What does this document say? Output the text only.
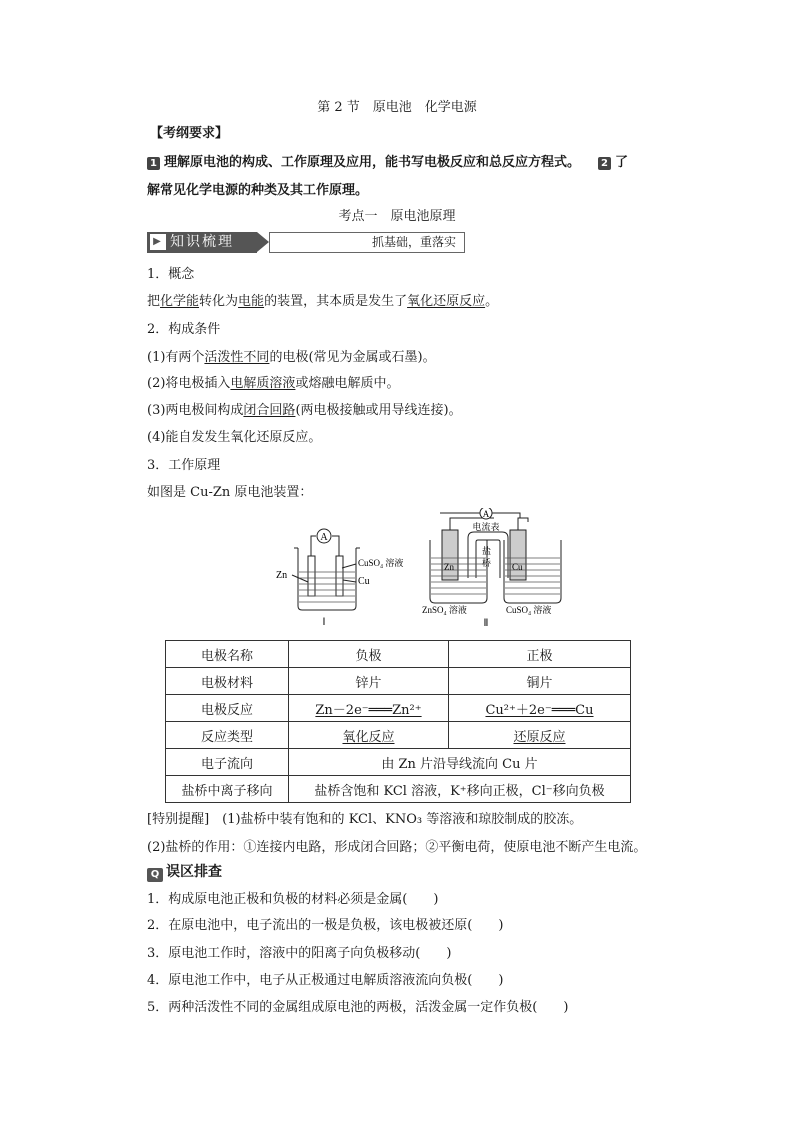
第 2 节　原电池　化学电源
【考纲要求】
1 理解原电池的构成、工作原理及应用，能书写电极反应和总反应方程式。 2 了
解常见化学电源的种类及其工作原理。
考点一　原电池原理
▶ 知识梳理	抓基础，重落实
1．概念
把化学能转化为电能的装置，其本质是发生了氧化还原反应。
2．构成条件
(1)有两个活泼性不同的电极(常见为金属或石墨)。
(2)将电极插入电解质溶液或熔融电解质中。
(3)两电极间构成闭合回路(两电极接触或用导线连接)。
(4)能自发发生氧化还原反应。
3．工作原理
如图是 Cu-Zn 原电池装置：
A
Zn
CuSO₄ 溶液
Cu
Ⅰ
A
电流表
盐
桥
Zn	Cu
ZnSO₄ 溶液	CuSO₄ 溶液
Ⅱ
电极名称	负极	正极
电极材料	锌片	铜片
电极反应	Zn－2e⁻═══Zn²⁺	Cu²⁺＋2e⁻═══Cu
反应类型	氧化反应	还原反应
电子流向	由 Zn 片沿导线流向 Cu 片	
盐桥中离子移向	盐桥含饱和 KCl 溶液，K⁺移向正极，Cl⁻移向负极	
[特别提醒]　(1)盐桥中装有饱和的 KCl、KNO₃ 等溶液和琼胶制成的胶冻。
(2)盐桥的作用：①连接内电路，形成闭合回路；②平衡电荷，使原电池不断产生电流。
Q 误区排查
1．构成原电池正极和负极的材料必须是金属(　　)
2．在原电池中，电子流出的一极是负极，该电极被还原(　　)
3．原电池工作时，溶液中的阳离子向负极移动(　　)
4．原电池工作中，电子从正极通过电解质溶液流向负极(　　)
5．两种活泼性不同的金属组成原电池的两极，活泼金属一定作负极(　　)
